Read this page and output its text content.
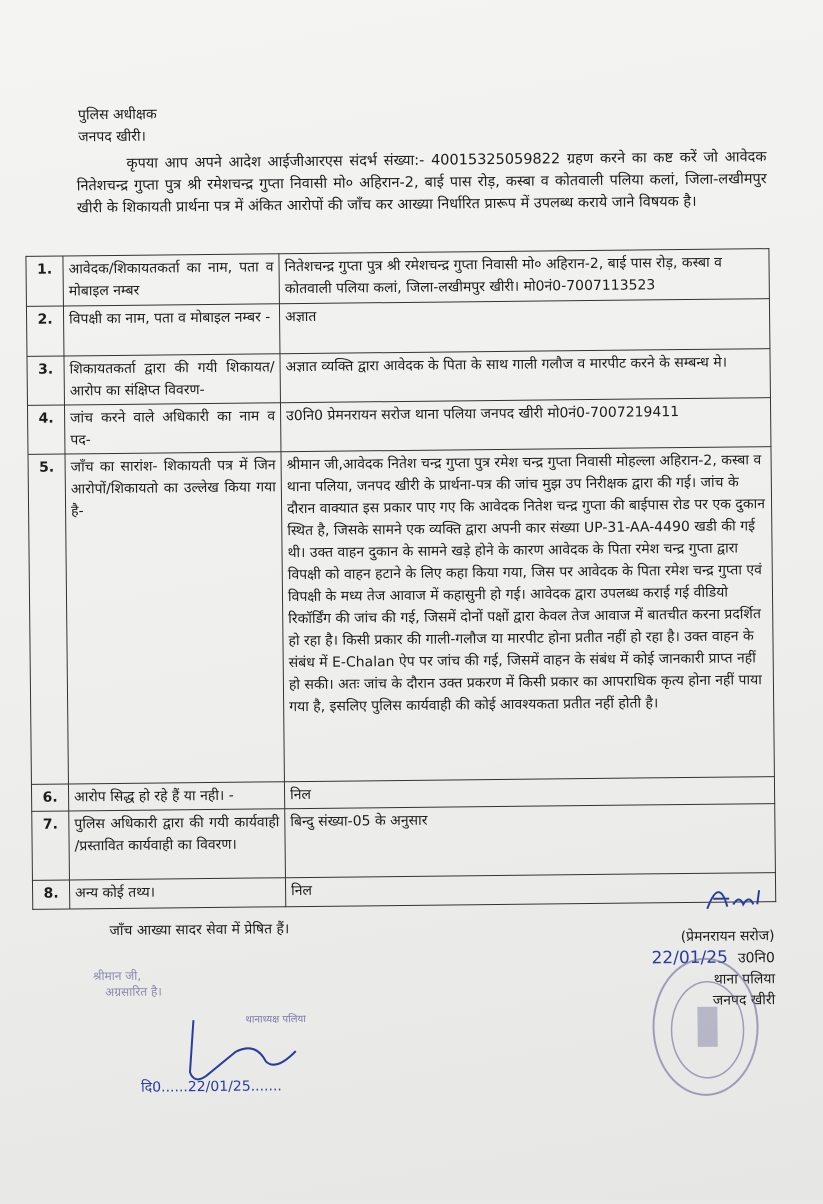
पुलिस अधीक्षक
जनपद खीरी।
कृपया आप अपने आदेश आईजीआरएस संदर्भ संख्या:- 40015325059822 ग्रहण करने का कष्ट करें जो आवेदक नितेशचन्द्र गुप्ता पुत्र श्री रमेशचन्द्र गुप्ता निवासी मो० अहिरान-2, बाई पास रोड़, कस्बा व कोतवाली पलिया कलां, जिला-लखीमपुर खीरी के शिकायती प्रार्थना पत्र में अंकित आरोपों की जाँच कर आख्या निर्धारित प्रारूप में उपलब्ध कराये जाने विषयक है।
1.	आवेदक/शिकायतकर्ता का नाम, पता व मोबाइल नम्बर	नितेशचन्द्र गुप्ता पुत्र श्री रमेशचन्द्र गुप्ता निवासी मो० अहिरान-2, बाई पास रोड़, कस्बा व कोतवाली पलिया कलां, जिला-लखीमपुर खीरी। मो0नं0-7007113523
2.	विपक्षी का नाम, पता व मोबाइल नम्बर -	अज्ञात
3.	शिकायतकर्ता द्वारा की गयी शिकायत/आरोप का संक्षिप्त विवरण-	अज्ञात व्यक्ति द्वारा आवेदक के पिता के साथ गाली गलौज व मारपीट करने के सम्बन्ध मे।
4.	जांच करने वाले अधिकारी का नाम व पद-	उ0नि0 प्रेमनरायन सरोज थाना पलिया जनपद खीरी मो0नं0-7007219411
5.	जाँच का सारांश- शिकायती पत्र में जिन आरोपों/शिकायतो का उल्लेख किया गया है-	श्रीमान जी,आवेदक नितेश चन्द्र गुप्ता पुत्र रमेश चन्द्र गुप्ता निवासी मोहल्ला अहिरान-2, कस्बा व थाना पलिया, जनपद खीरी के प्रार्थना-पत्र की जांच मुझ उप निरीक्षक द्वारा की गई। जांच के दौरान वाक्यात इस प्रकार पाए गए कि आवेदक नितेश चन्द्र गुप्ता की बाईपास रोड पर एक दुकान स्थित है, जिसके सामने एक व्यक्ति द्वारा अपनी कार संख्या UP-31-AA-4490 खडी की गई थी। उक्त वाहन दुकान के सामने खड़े होने के कारण आवेदक के पिता रमेश चन्द्र गुप्ता द्वारा विपक्षी को वाहन हटाने के लिए कहा किया गया, जिस पर आवेदक के पिता रमेश चन्द्र गुप्ता एवं विपक्षी के मध्य तेज आवाज में कहासुनी हो गई। आवेदक द्वारा उपलब्ध कराई गई वीडियो रिकॉर्डिंग की जांच की गई, जिसमें दोनों पक्षों द्वारा केवल तेज आवाज में बातचीत करना प्रदर्शित हो रहा है। किसी प्रकार की गाली-गलौज या मारपीट होना प्रतीत नहीं हो रहा है। उक्त वाहन के संबंध में E-Chalan ऐप पर जांच की गई, जिसमें वाहन के संबंध में कोई जानकारी प्राप्त नहीं हो सकी। अतः जांच के दौरान उक्त प्रकरण में किसी प्रकार का आपराधिक कृत्य होना नहीं पाया गया है, इसलिए पुलिस कार्यवाही की कोई आवश्यकता प्रतीत नहीं होती है।
6.	आरोप सिद्ध हो रहे हैं या नही। -	निल
7.	पुलिस अधिकारी द्वारा की गयी कार्यवाही /प्रस्तावित कार्यवाही का विवरण।	बिन्दु संख्या-05 के अनुसार
8.	अन्य कोई तथ्य।	निल
जाँच आख्या सादर सेवा में प्रेषित हैं।
श्रीमान जी,
अग्रसारित है।
थानाध्यक्ष पलिया
दि0......22/01/25.......
(प्रेमनरायन सरोज)
22/01/25 उ0नि0
थाना पलिया
जनपद खीरी
